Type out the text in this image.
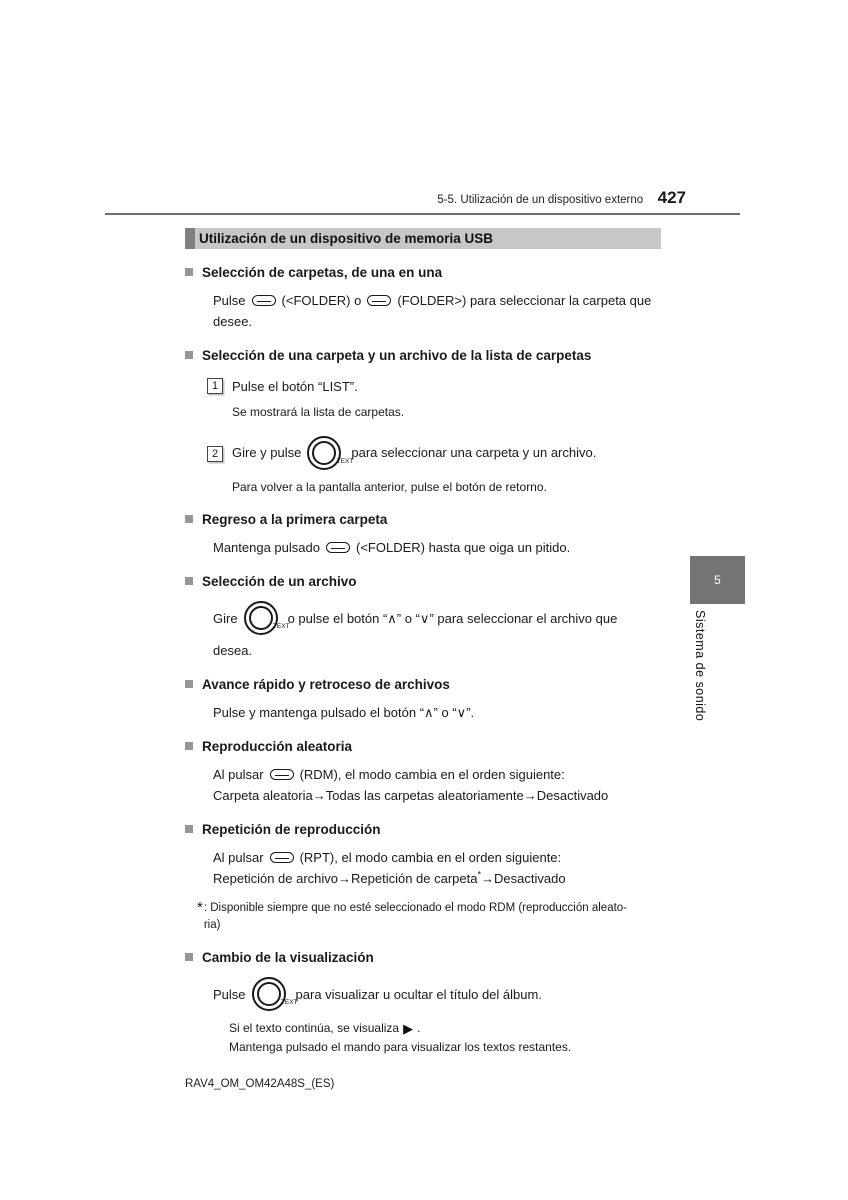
5-5. Utilización de un dispositivo externo 427
5
Sistema de sonido
Utilización de un dispositivo de memoria USB
Selección de carpetas, de una en una
Pulse	(<FOLDER) o	(FOLDER>) para seleccionar la carpeta que
desee.
Selección de una carpeta y un archivo de la lista de carpetas
1	Pulse el botón “LIST”.
Se mostrará la lista de carpetas.
2	Gire y pulse
TEXT
para seleccionar una carpeta y un archivo.
Para volver a la pantalla anterior, pulse el botón de retorno.
Regreso a la primera carpeta
Mantenga pulsado	(<FOLDER) hasta que oiga un pitido.
Selección de un archivo
Gire
TEXT
o pulse el botón “∧” o “∨” para seleccionar el archivo que
desea.
Avance rápido y retroceso de archivos
Pulse y mantenga pulsado el botón “∧” o “∨”.
Reproducción aleatoria
Al pulsar	(RDM), el modo cambia en el orden siguiente:
Carpeta aleatoria→Todas las carpetas aleatoriamente→Desactivado
Repetición de reproducción
Al pulsar	(RPT), el modo cambia en el orden siguiente:
Repetición de archivo→Repetición de carpeta*→Desactivado
* : Disponible siempre que no esté seleccionado el modo RDM (reproducción aleato-
ria)
Cambio de la visualización
Pulse
TEXT
para visualizar u ocultar el título del álbum.
Si el texto continúa, se visualiza ▶ .
Mantenga pulsado el mando para visualizar los textos restantes.
RAV4_OM_OM42A48S_(ES)
